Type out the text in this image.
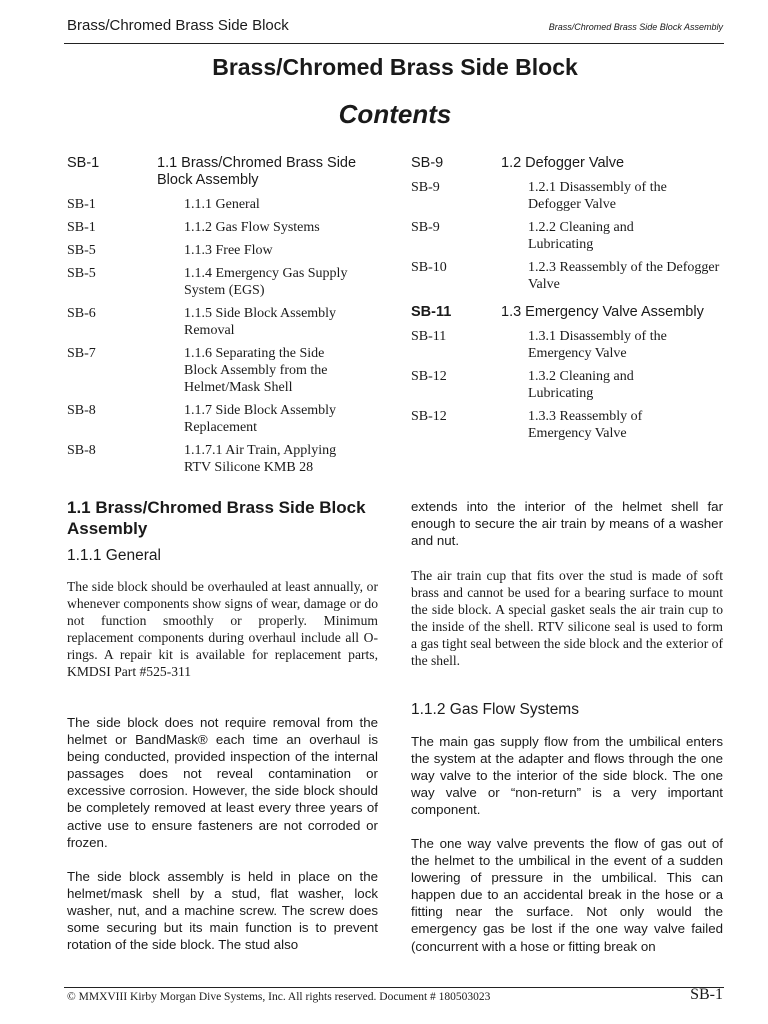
Brass/Chromed Brass Side Block	Brass/Chromed Brass Side Block Assembly
Brass/Chromed Brass Side Block
Contents
SB-1	1.1 Brass/Chromed Brass Side Block Assembly
SB-1	1.1.1 General
SB-1	1.1.2 Gas Flow Systems
SB-5	1.1.3 Free Flow
SB-5	1.1.4 Emergency Gas Supply System (EGS)
SB-6	1.1.5 Side Block Assembly Removal
SB-7	1.1.6 Separating the Side Block Assembly from the Helmet/Mask Shell
SB-8	1.1.7 Side Block Assembly Replacement
SB-8	1.1.7.1 Air Train, Applying RTV Silicone KMB 28
SB-9	1.2 Defogger Valve
SB-9	1.2.1 Disassembly of the Defogger Valve
SB-9	1.2.2 Cleaning and Lubricating
SB-10	1.2.3 Reassembly of the Defogger Valve
SB-11	1.3 Emergency Valve Assembly
SB-11	1.3.1 Disassembly of the Emergency Valve
SB-12	1.3.2 Cleaning and Lubricating
SB-12	1.3.3 Reassembly of Emergency Valve
1.1 Brass/Chromed Brass Side Block Assembly
1.1.1 General

The side block should be overhauled at least annually, or whenever components show signs of wear, damage or do not function smoothly or properly. Minimum replacement components during overhaul include all O-rings. A repair kit is available for replacement parts, KMDSI Part #525-311

The side block does not require removal from the helmet or BandMask® each time an overhaul is being conducted, provided inspection of the internal passages does not reveal contamination or excessive corrosion. However, the side block should be completely removed at least every three years of active use to ensure fasteners are not corroded or frozen.

The side block assembly is held in place on the helmet/mask shell by a stud, flat washer, lock washer, nut, and a machine screw. The screw does some securing but its main function is to prevent rotation of the side block. The stud also

extends into the interior of the helmet shell far enough to secure the air train by means of a washer and nut.

The air train cup that fits over the stud is made of soft brass and cannot be used for a bearing surface to mount the side block. A special gasket seals the air train cup to the inside of the shell. RTV silicone seal is used to form a gas tight seal between the side block and the exterior of the shell.

1.1.2 Gas Flow Systems

The main gas supply flow from the umbilical enters the system at the adapter and flows through the one way valve to the interior of the side block. The one way valve or “non-return” is a very important component.

The one way valve prevents the flow of gas out of the helmet to the umbilical in the event of a sudden lowering of pressure in the umbilical. This can happen due to an accidental break in the hose or a fitting near the surface. Not only would the emergency gas be lost if the one way valve failed (concurrent with a hose or fitting break on

© MMXVIII Kirby Morgan Dive Systems, Inc. All rights reserved. Document # 180503023	SB-1
